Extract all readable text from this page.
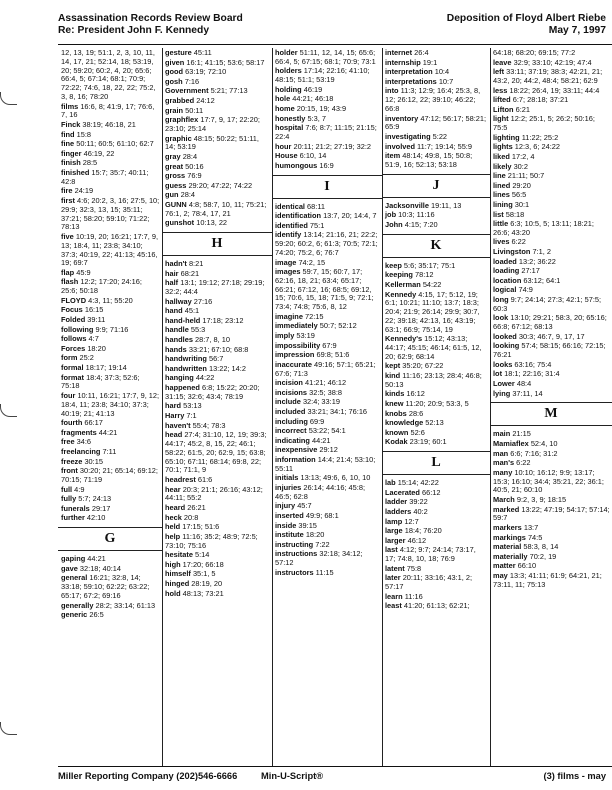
Assassination Records Review Board
Re: President John F. Kennedy
Deposition of Floyd Albert Riebe
May 7, 1997
12, 13, 19; 51:1, 2, 3, 10, 11, 14, 17, 21; 52:14, 18; 53:19, 20; 59:20; 60:2, 4, 20; 65:6; 66:4, 5; 67:14; 68:1; 70:9; 72:22; 74:6, 18, 22, 22; 75:2, 3, 8, 16; 78:20
films 16:6, 8; 41:9, 17; 76:6, 7, 16
Finck 38:19; 46:18, 21
find 15:8
fine 50:11; 60:5; 61:10; 62:7
finger 46:19, 22
finish 28:5
finished 15:7; 35:7; 40:11; 42:8
fire 24:19
first 4:6; 20:2, 3, 16; 27:5, 10; 29:9; 32:3, 13, 15; 35:11; 37:21; 58:20; 59:10; 71:22; 78:13
five 10:19, 20; 16:21; 17:7, 9, 13; 18:4, 11; 23:8; 34:10; 37:3; 40:19, 22; 41:13; 45:16, 19; 69:7
flap 45:9
flash 12:2; 17:20; 24:16; 25:6; 50:18
FLOYD 4:3, 11; 55:20
Focus 16:15
Folded 39:11
following 9:9; 71:16
follows 4:7
Forces 18:20
form 25:2
formal 18:17; 19:14
format 18:4; 37:3; 52:6; 75:18
four 10:11, 16:21; 17:7, 9, 12; 18:4, 11; 23:8; 34:10; 37:3; 40:19; 21; 41:13
fourth 66:17
fragments 44:21
free 34:6
freelancing 7:11
freeze 30:15
front 30:20; 21; 65:14; 69:12; 70:15; 71:19
full 4:9
fully 5:7; 24:13
funerals 29:17
further 42:10
G
gaping 44:21
gave 32:18; 40:14
general 16:21; 32:8, 14; 33:18; 59:10; 62:22; 63:22; 65:17; 67:2; 69:16
generally 28:2; 33:14; 61:13
generic 26:5
gesture 45:11
given 16:1; 41:15; 53:6; 58:17
good 63:19; 72:10
gosh 7:16
Government 5:21; 77:13
grabbed 24:12
grain 50:11
graphflex 17:7, 9, 17; 22:20; 23:10; 25:14
graphic 48:15; 50:22; 51:11, 14; 53:19
gray 28:4
great 50:16
gross 76:9
guess 29:20; 47:22; 74:22
gun 28:4
GUNN 4:8; 58:7, 10, 11; 75:21; 76:1, 2; 78:4, 17, 21
gunshot 10:13, 22
H
hadn't 8:21
hair 68:21
half 13:1; 19:12; 27:18; 29:19; 32:2; 44:4
hallway 27:16
hand 45:1
hand-held 17:18; 23:12
handle 55:3
handles 28:7, 8, 10
hands 33:21; 67:10; 68:8
handwriting 56:7
handwritten 13:22; 14:2
hanging 44:22
happened 6:8; 15:22; 20:20; 31:15; 32:6; 43:4; 78:19
hard 53:13
Harry 7:1
haven't 55:4; 78:3
head 27:4; 31:10, 12, 19; 39:3; 44:17; 45:2, 8, 15, 22; 46:1; 58:22; 61:5, 20; 62:9, 15; 63:8; 65:10; 67:11; 68:14; 69:8, 22; 70:1; 71:1, 9
headrest 61:6
hear 20:3; 21:1; 26:16; 43:12; 44:11; 55:2
heard 26:21
heck 20:8
held 17:15; 51:6
help 11:16; 35:2; 48:9; 72:5; 73:10; 75:16
hesitate 5:14
high 17:20; 66:18
himself 35:1, 5
hinged 28:19, 20
hold 48:13; 73:21
holder 51:11, 12, 14, 15; 65:6; 66:4, 5; 67:15; 68:1; 70:9; 73:1
holders 17:14; 22:16; 41:10; 48:15; 51:1; 53:19
holding 46:19
hole 44:21; 46:18
home 20:15, 19; 43:9
honestly 5:3, 7
hospital 7:6; 8:7; 11:15; 21:15; 22:4
hour 20:11; 21:2; 27:19; 32:2
House 6:10, 14
humongous 16:9
I
identical 68:11
identification 13:7, 20; 14:4, 7
identified 75:1
identify 13:14; 21:16, 21; 22:2; 59:20; 60:2, 6; 61:3; 70:5; 72:1; 74:20; 75:2, 6; 76:7
image 74:2, 15
images 59:7, 15; 60:7, 17; 62:16, 18, 21; 63:4; 65:17; 66:21; 67:12, 16; 68:5; 69:12, 15; 70:6, 15, 18; 71:5, 9; 72:1; 73:4; 74:8; 75:6, 8, 12
imagine 72:15
immediately 50:7; 52:12
imply 53:19
impossibility 67:9
impression 69:8; 51:6
inaccurate 49:16; 57:1; 65:21; 67:6; 71:3
incision 41:21; 46:12
incisions 32:5; 38:8
include 32:4; 33:19
included 33:21; 34:1; 76:16
including 69:9
incorrect 53:22; 54:1
indicating 44:21
inexpensive 29:12
information 14:4; 21:4; 53:10; 55:11
initials 13:13; 49:6, 6, 10, 10
injuries 26:14; 44:16; 45:8; 46:5; 62:8
injury 45:7
inserted 49:9; 68:1
inside 39:15
institute 18:20
instructing 7:22
instructions 32:18; 34:12; 57:12
instructors 11:15
internet 26:4
internship 19:1
interpretation 10:4
interpretations 10:7
into 11:3; 12:9; 16:4; 25:3, 8, 12; 26:12, 22; 39:10; 46:22; 66:8
inventory 47:12; 56:17; 58:21; 65:9
investigating 5:22
involved 11:7; 19:14; 55:9
item 48:14; 49:8, 15; 50:8; 51:9, 16; 52:13; 53:18
J
Jacksonville 19:11, 13
job 10:3; 11:16
John 4:15; 7:20
K
keep 5:6; 35:17; 75:1
keeping 78:12
Kellerman 54:22
Kennedy 4:15, 17; 5:12, 19; 6:1; 10:21; 11:10; 13:7; 18:3; 20:4; 21:9; 26:14; 29:9; 30:7, 22; 39:18; 42:13, 16; 43:19; 63:1; 66:9; 75:14, 19
Kennedy's 15:12; 43:13; 44:17; 45:15; 46:14; 61:5, 12, 20; 62:9; 68:14
kept 35:20; 67:22
kind 11:16; 23:13; 28:4; 46:8; 50:13
kinds 16:12
knew 11:20; 20:9; 53:3, 5
knobs 28:6
knowledge 52:13
known 52:6
Kodak 23:19; 60:1
L
lab 15:14; 42:22
Lacerated 66:12
ladder 39:22
ladders 40:2
lamp 12:7
large 18:4; 76:20
larger 46:12
last 4:12; 9:7; 24:14; 73:17, 17; 74:8, 10, 18; 76:9
latent 75:8
later 20:11; 33:16; 43:1, 2; 57:17
learn 11:16
least 41:20; 61:13; 62:21;
64:18; 68:20; 69:15; 77:2
leave 32:9; 33:10; 42:19; 47:4
left 33:11; 37:19; 38:3; 42:21, 21; 43:2, 20; 44:2, 48:4; 58:21; 62:9
less 18:22; 26:4, 19; 33:11; 44:4
lifted 6:7; 28:18; 37:21
Lifton 6:21
light 12:2; 25:1, 5; 26:2; 50:16; 75:5
lighting 11:22; 25:2
lights 12:3, 6; 24:22
liked 17:2, 4
likely 30:2
line 21:11; 50:7
lined 29:20
lines 56:5
lining 30:1
list 58:18
little 6:3; 10:5, 5; 13:11; 18:21; 26:6; 43:20
lives 6:22
Livingston 7:1, 2
loaded 13:2; 36:22
loading 27:17
location 63:12; 64:1
logical 74:9
long 9:7; 24:14; 27:3; 42:1; 57:5; 60:3
look 13:10; 29:21; 58:3, 20; 65:16; 66:8; 67:12; 68:13
looked 30:3; 46:7, 9, 17, 17
looking 57:4; 58:15; 66:16; 72:15; 76:21
looks 63:16; 75:4
lot 18:1; 22:16; 31:4
Lower 48:4
lying 37:11, 14
M
main 21:15
Mamiaflex 52:4, 10
man 6:6; 7:16; 31:2
man's 6:22
many 10:10; 16:12; 9:9; 13:17; 15:3; 16:10; 34:4; 35:21, 22; 36:1; 40:5, 21; 60:10
March 9:2, 3, 9; 18:15
marked 13:22; 47:19; 54:17; 57:14; 59:7
markers 13:7
markings 74:5
material 58:3, 8, 14
materially 70:2, 19
matter 66:10
may 13:3; 41:11; 61:9; 64:21, 21; 73:11, 11; 75:13
Miller Reporting Company (202)546-6666	Min-U-Script®	(3) films - may
